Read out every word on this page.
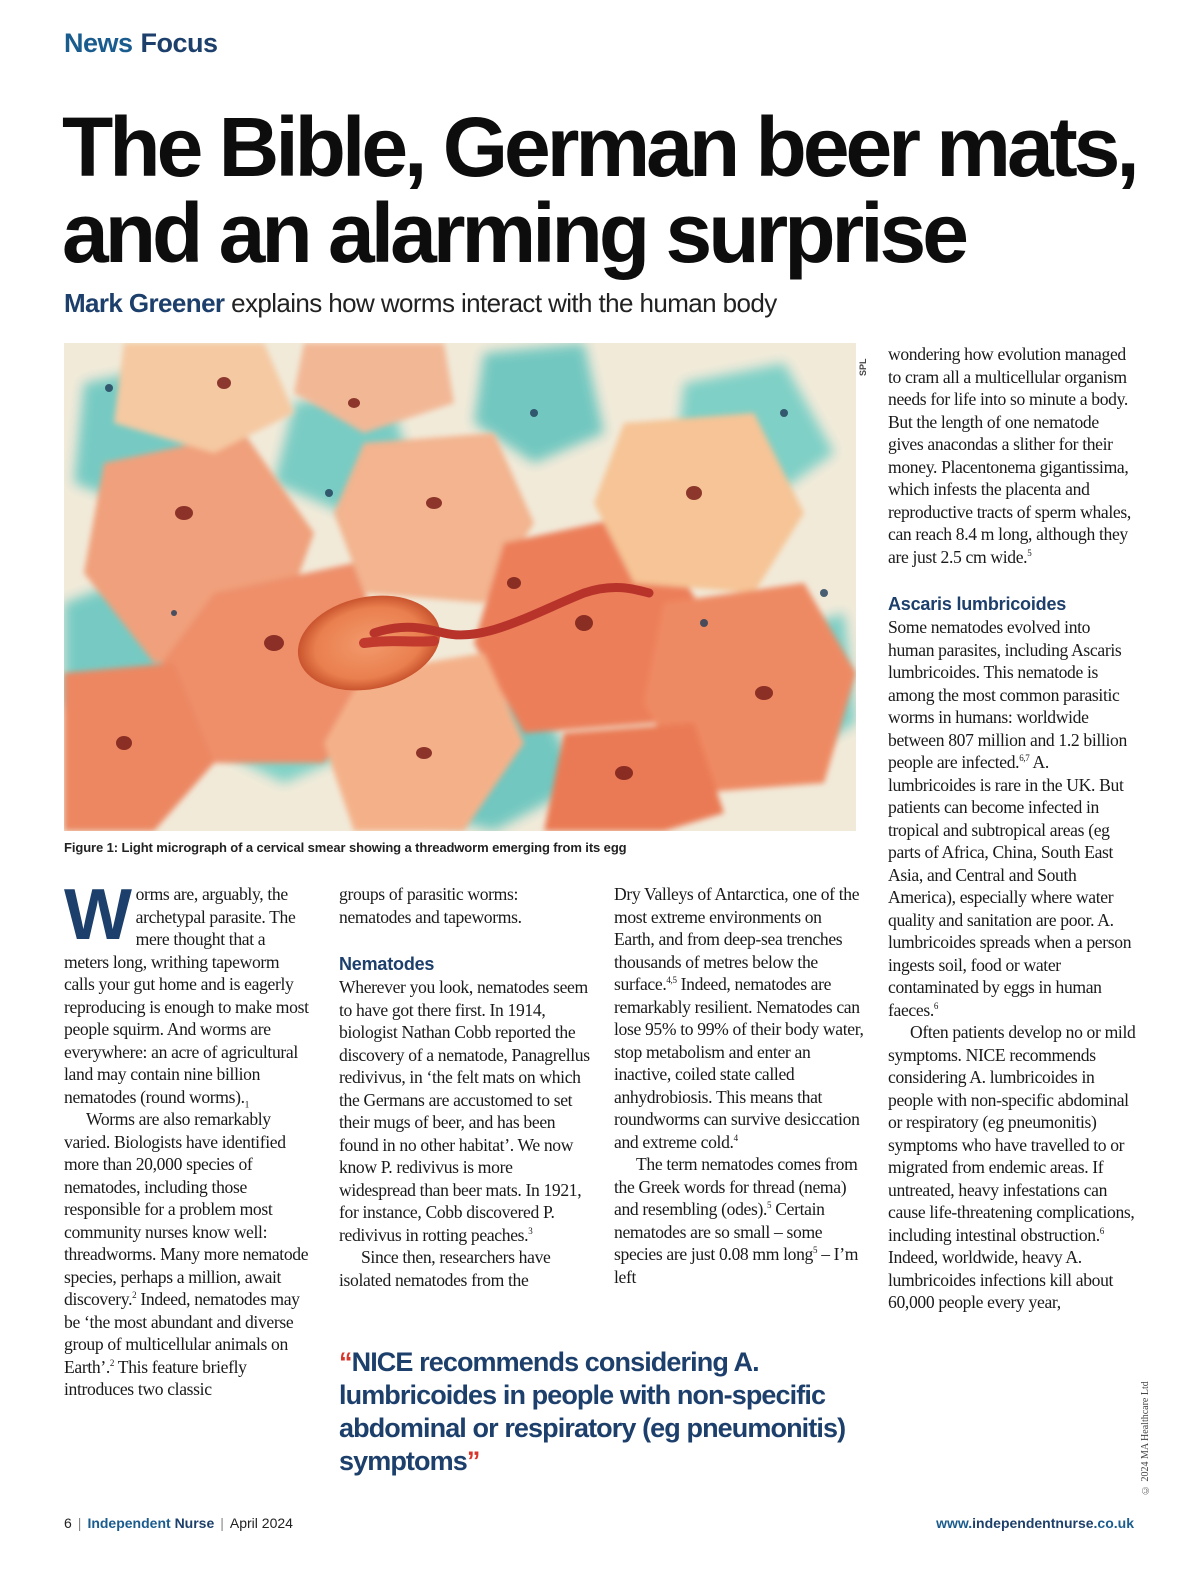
News Focus
The Bible, German beer mats, and an alarming surprise
Mark Greener explains how worms interact with the human body
SPL
Figure 1: Light micrograph of a cervical smear showing a threadworm emerging from its egg

Worms are, arguably, the archetypal parasite. The mere thought that a meters long, writhing tapeworm calls your gut home and is eagerly reproducing is enough to make most people squirm. And worms are everywhere: an acre of agricultural land may contain nine billion nematodes (round $worms)._1$

Worms are also remarkably varied. Biologists have identified more than 20,000 species of nematodes, including those responsible for a problem most community nurses know well: threadworms. Many more nematode species, perhaps a million, await discovery.$^2$ Indeed, nematodes may be ‘the most abundant and diverse group of multicellular animals on Earth’.$^2$ This feature briefly introduces two classic

groups of parasitic worms: nematodes and tapeworms.

Nematodes

Wherever you look, nematodes seem to have got there first. In 1914, biologist Nathan Cobb reported the discovery of a nematode, Panagrellus redivivus, in ‘the felt mats on which the Germans are accustomed to set their mugs of beer, and has been found in no other habitat’. We now know P. redivivus is more widespread than beer mats. In 1921, for instance, Cobb discovered P. redivivus in rotting peaches.$^3$

Since then, researchers have isolated nematodes from the

Dry Valleys of Antarctica, one of the most extreme environments on Earth, and from deep-sea trenches thousands of metres below the surface.$^{4,5}$ Indeed, nematodes are remarkably resilient. Nematodes can lose 95% to 99% of their body water, stop metabolism and enter an inactive, coiled state called anhydrobiosis. This means that roundworms can survive desiccation and extreme cold.$^4$

The term nematodes comes from the Greek words for thread (nema) and resembling (odes).$^5$ Certain nematodes are so small – some species are just 0.08 mm long$^5$ – I’m left

wondering how evolution managed to cram all a multicellular organism needs for life into so minute a body. But the length of one nematode gives anacondas a slither for their money. Placentonema gigantissima, which infests the placenta and reproductive tracts of sperm whales, can reach 8.4 m long, although they are just 2.5 cm wide.$^5$

Ascaris lumbricoides

Some nematodes evolved into human parasites, including Ascaris lumbricoides. This nematode is among the most common parasitic worms in humans: worldwide between 807 million and 1.2 billion people are infected.$^{6,7}$ A. lumbricoides is rare in the UK. But patients can become infected in tropical and subtropical areas (eg parts of Africa, China, South East Asia, and Central and South America), especially where water quality and sanitation are poor. A. lumbricoides spreads when a person ingests soil, food or water contaminated by eggs in human faeces.$^6$

Often patients develop no or mild symptoms. NICE recommends considering A. lumbricoides in people with non-specific abdominal or respiratory (eg pneumonitis) symptoms who have travelled to or migrated from endemic areas. If untreated, heavy infestations can cause life-threatening complications, including intestinal obstruction.$^6$ Indeed, worldwide, heavy A. lumbricoides infections kill about 60,000 people every year,

“NICE recommends considering A. lumbricoides in people with non-specific abdominal or respiratory (eg pneumonitis) symptoms”	© 2024 MA Healthcare Ltd
6 | Independent Nurse | April 2024	www.independentnurse.co.uk
